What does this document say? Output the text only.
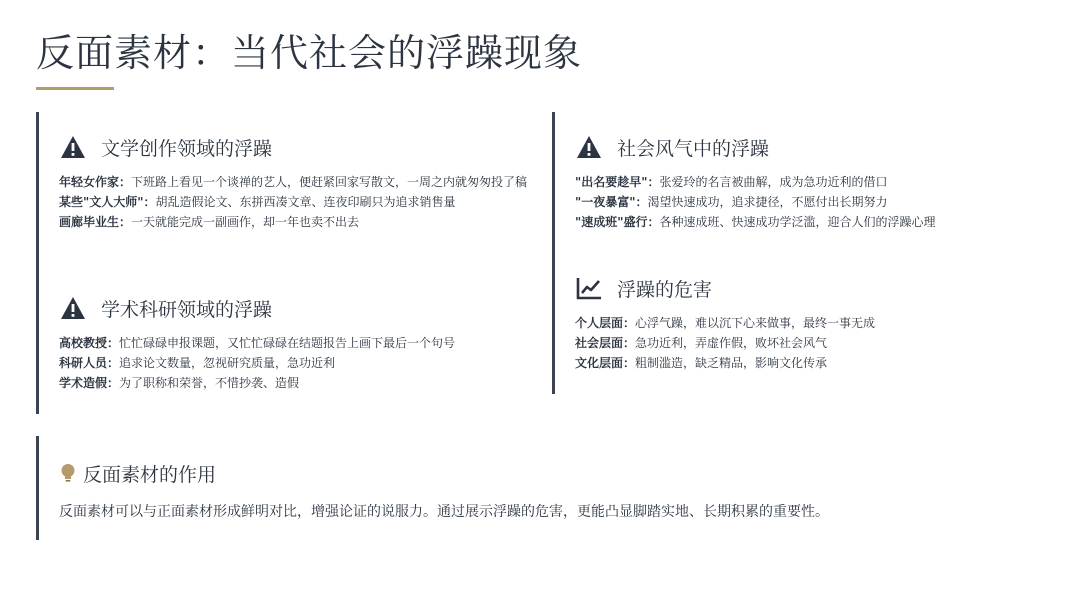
反面素材：当代社会的浮躁现象
文学创作领域的浮躁
年轻女作家：下班路上看见一个谈禅的艺人，便赶紧回家写散文，一周之内就匆匆投了稿
某些"文人大师"：胡乱造假论文、东拼西凑文章、连夜印刷只为追求销售量
画廊毕业生：一天就能完成一副画作，却一年也卖不出去
学术科研领域的浮躁
高校教授：忙忙碌碌申报课题，又忙忙碌碌在结题报告上画下最后一个句号
科研人员：追求论文数量，忽视研究质量，急功近利
学术造假：为了职称和荣誉，不惜抄袭、造假
社会风气中的浮躁
"出名要趁早"：张爱玲的名言被曲解，成为急功近利的借口
"一夜暴富"：渴望快速成功，追求捷径，不愿付出长期努力
"速成班"盛行：各种速成班、快速成功学泛滥，迎合人们的浮躁心理
浮躁的危害
个人层面：心浮气躁，难以沉下心来做事，最终一事无成
社会层面：急功近利，弄虚作假，败坏社会风气
文化层面：粗制滥造，缺乏精品，影响文化传承
反面素材的作用
反面素材可以与正面素材形成鲜明对比，增强论证的说服力。通过展示浮躁的危害，更能凸显脚踏实地、长期积累的重要性。
